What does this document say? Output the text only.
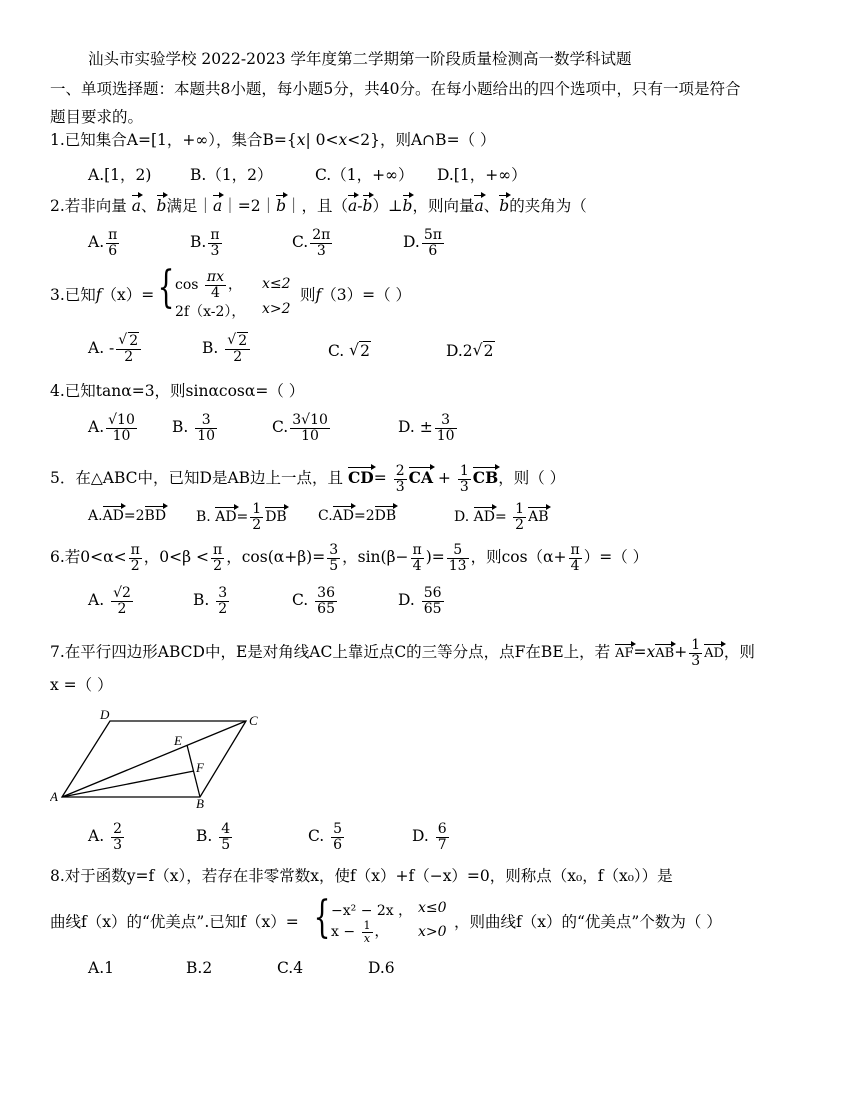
汕头市实验学校 2022-2023 学年度第二学期第一阶段质量检测高一数学科试题
一、单项选择题：本题共8小题，每小题5分，共40分。在每小题给出的四个选项中，只有一项是符合
题目要求的。
1.已知集合A=[1，+∞），集合B={x| 0<x<2}，则A∩B=（ ）
A.[1，2) B.（1，2）	C.（1，+∞） D.[1，+∞）
2.若非向量 a、b满足｜a｜=2｜b｜，且（a-b）⊥b，则向量a、b的夹角为（
A. $\frac{\pi}{6}$	B. $\frac{\pi}{3}$	C. $\frac{2\pi}{3}$	D. $\frac{5\pi}{6}$
3.已知f（x）= { $\cos \frac{\pi x}{4}$ ， x≤2
2f（x-2）， x>2
则f（3）=（ ）
A. - √ $\frac{2}{2}$	B. √ $\frac{2}{2}$	C. √ 2	D.2 √ 2
4.已知tanα=3，则sinαcosα=（ ）
A. $\frac{√10}{10} B$. $\frac{3}{10}$	C. $\frac{3√10}{10}$	D. ± $\frac{3}{10}$
5．在△ABC中，已知D是AB边上一点，且 $CD= \frac{2}{3}$ CA + $\frac{1}{3}$ CB，则（ ）
A.AD=2BD B. $AD= \frac{1}{2}$ DB C.AD=2DB	D. $AD= \frac{1}{2}$ AB
6.若$0<\alpha< \frac{\pi}{2}$ ，$0<\beta < \frac{\pi}{2}$ ，$\cos(\alpha+\beta)= \frac{3}{5}$ ，$\sin(\beta- \frac{\pi}{4}$ )= $\frac{5}{13}$ ，则$\cos(\alpha+ \frac{\pi}{4}$ ）=（ ）
A. $\frac{√2}{2}$	B. $\frac{3}{2}$	C. $\frac{36}{65}$	D. $\frac{56}{65}$
7.在平行四边形ABCD中，E是对角线AC上靠近点C的三等分点，点F在BE上，若 $AF=xAB+ \frac{1}{3}$ AD，则
x =（ ）
A	B
C
D
E
F
A. $\frac{2}{3}$	B. $\frac{4}{5}$	C. $\frac{5}{6}$	D. $\frac{6}{7}$
8.对于函数y=f（x），若存在非零常数x，使f（x）+f（−x）=0，则称点（x₀，f（x₀））是
曲线f（x）的“优美点”.已知f（x）= { −x² − 2x ， x≤0
$x - \frac{1}{x}$ ， x>0
，则曲线f（x）的“优美点”个数为（ ）
A.1	B.2	C.4	D.6
